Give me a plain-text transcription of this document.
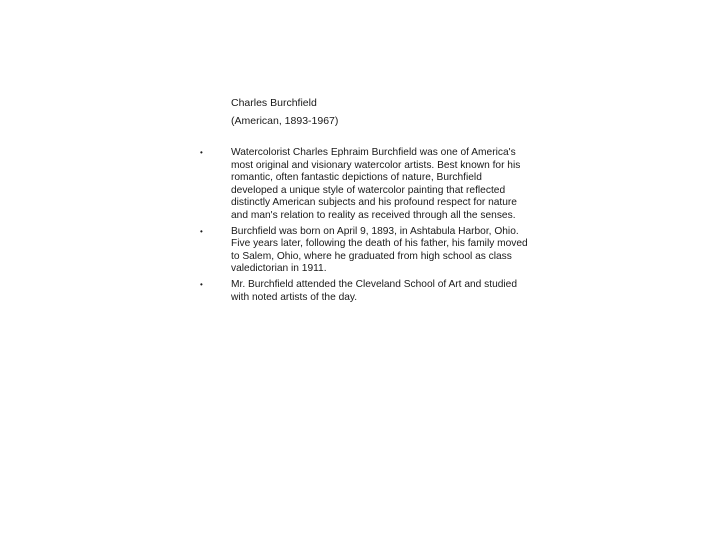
Charles Burchfield
(American, 1893-1967)
•	Watercolorist Charles Ephraim Burchfield was one of America's most original and visionary watercolor artists. Best known for his romantic, often fantastic depictions of nature, Burchfield developed a unique style of watercolor painting that reflected distinctly American subjects and his profound respect for nature and man's relation to reality as received through all the senses.
•	Burchfield was born on April 9, 1893, in Ashtabula Harbor, Ohio. Five years later, following the death of his father, his family moved to Salem, Ohio, where he graduated from high school as class valedictorian in 1911.
•	Mr. Burchfield attended the Cleveland School of Art and studied with noted artists of the day.
